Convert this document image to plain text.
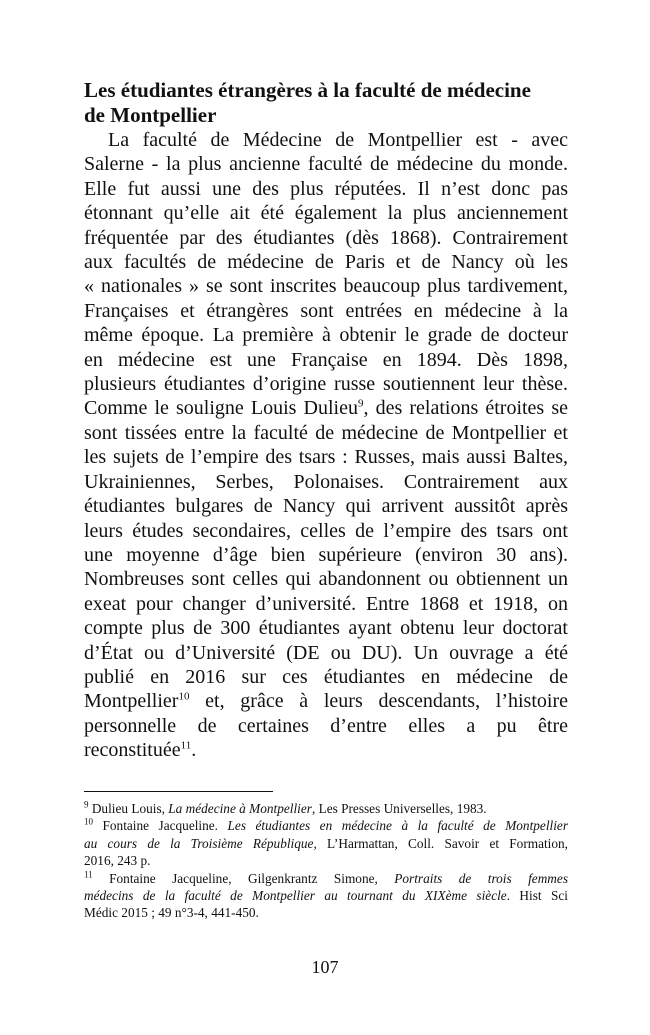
Les étudiantes étrangères à la faculté de médecine
de Montpellier
La faculté de Médecine de Montpellier est - avec
Salerne - la plus ancienne faculté de médecine du monde.
Elle fut aussi une des plus réputées. Il n’est donc pas
étonnant qu’elle ait été également la plus anciennement
fréquentée par des étudiantes (dès 1868). Contrairement
aux facultés de médecine de Paris et de Nancy où les
« nationales » se sont inscrites beaucoup plus tardivement,
Françaises et étrangères sont entrées en médecine à la
même époque. La première à obtenir le grade de docteur
en médecine est une Française en 1894. Dès 1898,
plusieurs étudiantes d’origine russe soutiennent leur thèse.
Comme le souligne Louis Dulieu$^9$, des relations étroites se
sont tissées entre la faculté de médecine de Montpellier et
les sujets de l’empire des tsars : Russes, mais aussi Baltes,
Ukrainiennes, Serbes, Polonaises. Contrairement aux
étudiantes bulgares de Nancy qui arrivent aussitôt après
leurs études secondaires, celles de l’empire des tsars ont
une moyenne d’âge bien supérieure (environ 30 ans).
Nombreuses sont celles qui abandonnent ou obtiennent un
exeat pour changer d’université. Entre 1868 et 1918, on
compte plus de 300 étudiantes ayant obtenu leur doctorat
d’État ou d’Université (DE ou DU). Un ouvrage a été
publié en 2016 sur ces étudiantes en médecine de
Montpellier$^{10}$ et, grâce à leurs descendants, l’histoire
personnelle de certaines d’entre elles a pu être
reconstituée$^{11}$.
$^9$ Dulieu Louis, La médecine à Montpellier, Les Presses Universelles, 1983.
$^{10}$ Fontaine Jacqueline. Les étudiantes en médecine à la faculté de Montpellier
au cours de la Troisième République, L’Harmattan, Coll. Savoir et Formation,
2016, 243 p.
$^{11}$ Fontaine Jacqueline, Gilgenkrantz Simone, Portraits de trois femmes
médecins de la faculté de Montpellier au tournant du XIXème siècle. Hist Sci
Médic 2015 ; 49 n°3-4, 441-450.
107
